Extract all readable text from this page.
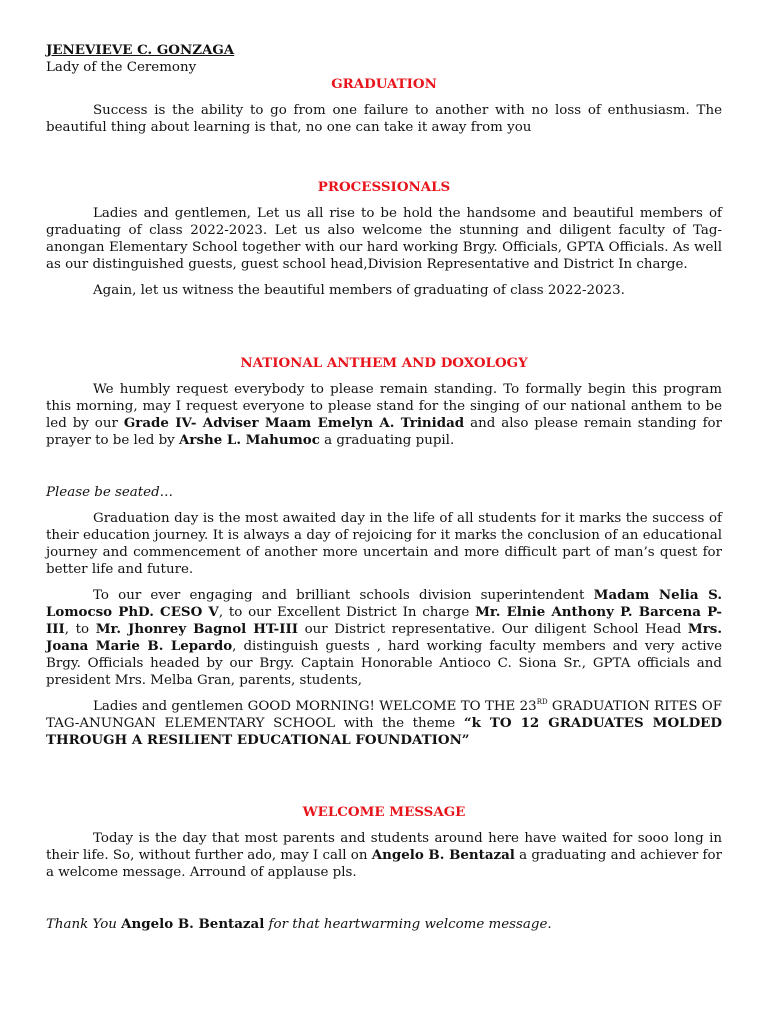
JENEVIEVE C. GONZAGA
Lady of the Ceremony
GRADUATION

Success is the ability to go from one failure to another with no loss of enthusiasm. The beautiful thing about learning is that, no one can take it away from you

PROCESSIONALS

Ladies and gentlemen, Let us all rise to be hold the handsome and beautiful members of graduating of class 2022-2023. Let us also welcome the stunning and diligent faculty of Tag-anongan Elementary School together with our hard working Brgy. Officials, GPTA Officials. As well as our distinguished guests, guest school head,Division Representative and District In charge.

Again, let us witness the beautiful members of graduating of class 2022-2023.

NATIONAL ANTHEM AND DOXOLOGY

We humbly request everybody to please remain standing. To formally begin this program this morning, may I request everyone to please stand for the singing of our national anthem to be led by our Grade IV- Adviser Maam Emelyn A. Trinidad and also please remain standing for prayer to be led by Arshe L. Mahumoc a graduating pupil.

Please be seated…

Graduation day is the most awaited day in the life of all students for it marks the success of their education journey. It is always a day of rejoicing for it marks the conclusion of an educational journey and commencement of another more uncertain and more difficult part of man’s quest for better life and future.

To our ever engaging and brilliant schools division superintendent Madam Nelia S. Lomocso PhD. CESO V, to our Excellent District In charge Mr. Elnie Anthony P. Barcena P-III, to Mr. Jhonrey Bagnol HT-III our District representative. Our diligent School Head Mrs. Joana Marie B. Lepardo, distinguish guests , hard working faculty members and very active Brgy. Officials headed by our Brgy. Captain Honorable Antioco C. Siona Sr., GPTA officials and president Mrs. Melba Gran, parents, students,

Ladies and gentlemen GOOD MORNING! WELCOME TO THE 23RD GRADUATION RITES OF TAG-ANUNGAN ELEMENTARY SCHOOL with the theme “k TO 12 GRADUATES MOLDED THROUGH A RESILIENT EDUCATIONAL FOUNDATION”

WELCOME MESSAGE

Today is the day that most parents and students around here have waited for sooo long in their life. So, without further ado, may I call on Angelo B. Bentazal a graduating and achiever for a welcome message. Arround of applause pls.

Thank You Angelo B. Bentazal for that heartwarming welcome message.
